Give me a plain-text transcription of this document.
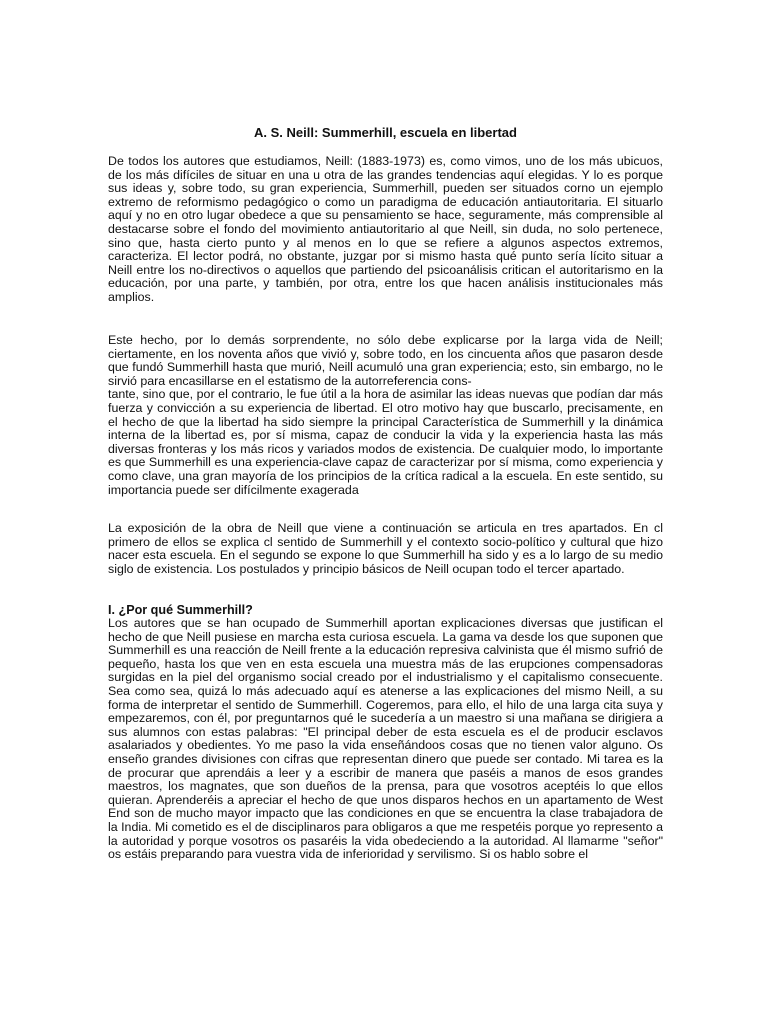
A. S. Neill: Summerhill, escuela en libertad
De todos los autores que estudiamos, Neill: (1883-1973) es, como vimos, uno de los más ubicuos, de los más difíciles de situar en una u otra de las grandes tendencias aquí elegidas. Y lo es porque sus ideas y, sobre todo, su gran experiencia, Summerhill, pueden ser situados corno un ejemplo extremo de reformismo pedagógico o como un paradigma de educación antiautoritaria. El situarlo aquí y no en otro lugar obedece a que su pensamiento se hace, seguramente, más comprensible al destacarse sobre el fondo del movimiento antiautoritario al que Neill, sin duda, no solo pertenece, sino que, hasta cierto punto y al menos en lo que se refiere a algunos aspectos extremos, caracteriza. El lector podrá, no obstante, juzgar por si mismo hasta qué punto sería lícito situar a Neill entre los no-directivos o aquellos que partiendo del psicoanálisis critican el autoritarismo en la educación, por una parte, y también, por otra, entre los que hacen análisis institucionales más amplios.
Este hecho, por lo demás sorprendente, no sólo debe explicarse por la larga vida de Neill; ciertamente, en los noventa años que vivió y, sobre todo, en los cincuenta años que pasaron desde que fundó Summerhill hasta que murió, Neill acumuló una gran experiencia; esto, sin embargo, no le sirvió para encasillarse en el estatismo de la autorreferencia cons-
tante, sino que, por el contrario, le fue útil a la hora de asimilar las ideas nuevas que podían dar más fuerza y convicción a su experiencia de libertad. El otro motivo hay que buscarlo, precisamente, en el hecho de que la libertad ha sido siempre la principal Característica de Summerhill y la dinámica interna de la libertad es, por sí misma, capaz de conducir la vida y la experiencia hasta las más diversas fronteras y los más ricos y variados modos de existencia. De cualquier modo, lo importante es que Summerhill es una experiencia-clave capaz de caracterizar por sí misma, como experiencia y como clave, una gran mayoría de los principios de la crítica radical a la escuela. En este sentido, su importancia puede ser difícilmente exagerada
La exposición de la obra de Neill que viene a continuación se articula en tres apartados. En cl primero de ellos se explica cl sentido de Summerhill y el contexto socio-político y cultural que hizo nacer esta escuela. En el segundo se expone lo que Summerhill ha sido y es a lo largo de su medio siglo de existencia. Los postulados y principio básicos de Neill ocupan todo el tercer apartado.
I. ¿Por qué Summerhill?
Los autores que se han ocupado de Summerhill aportan explicaciones diversas que justifican el hecho de que Neill pusiese en marcha esta curiosa escuela. La gama va desde los que suponen que Summerhill es una reacción de Neill frente a la educación represiva calvinista que él mismo sufrió de pequeño, hasta los que ven en esta escuela una muestra más de las erupciones compensadoras surgidas en la piel del organismo social creado por el industrialismo y el capitalismo consecuente. Sea como sea, quizá lo más adecuado aquí es atenerse a las explicaciones del mismo Neill, a su forma de interpretar el sentido de Summerhill. Cogeremos, para ello, el hilo de una larga cita suya y empezaremos, con él, por preguntarnos qué le sucedería a un maestro si una mañana se dirigiera a sus alumnos con estas palabras: "El principal deber de esta escuela es el de producir esclavos asalariados y obedientes. Yo me paso la vida enseñándoos cosas que no tienen valor alguno. Os enseño grandes divisiones con cifras que representan dinero que puede ser contado. Mi tarea es la de procurar que aprendáis a leer y a escribir de manera que paséis a manos de esos grandes maestros, los magnates, que son dueños de la prensa, para que vosotros aceptéis lo que ellos quieran. Aprenderéis a apreciar el hecho de que unos disparos hechos en un apartamento de West End son de mucho mayor impacto que las condiciones en que se encuentra la clase trabajadora de la India. Mi cometido es el de disciplinaros para obligaros a que me respetéis porque yo represento a la autoridad y porque vosotros os pasaréis la vida obedeciendo a la autoridad. Al llamarme "señor" os estáis preparando para vuestra vida de inferioridad y servilismo. Si os hablo sobre el
